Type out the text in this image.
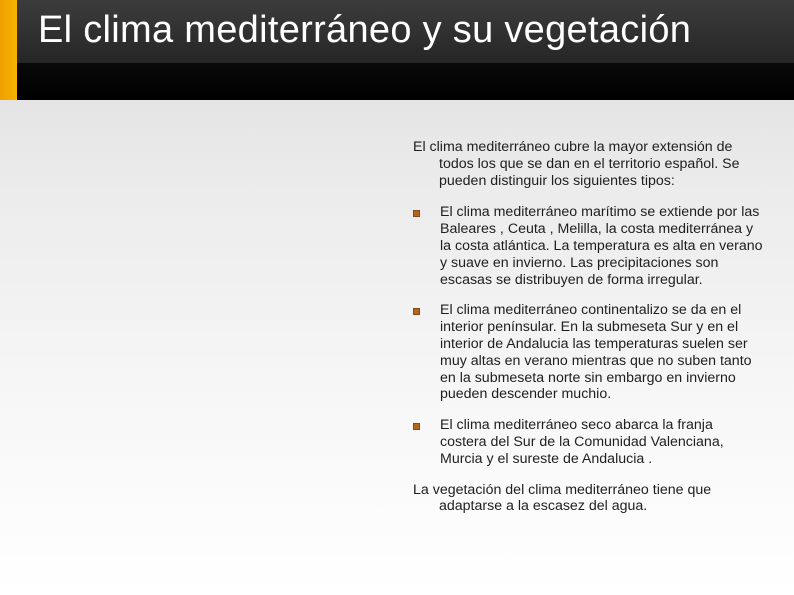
El clima mediterráneo y su vegetación

El clima mediterráneo cubre la mayor extensión de todos los que se dan en el territorio español. Se pueden distinguir los siguientes tipos:

El clima mediterráneo marítimo se extiende por las Baleares , Ceuta , Melilla, la costa mediterránea y la costa atlántica. La temperatura es alta en verano y suave en invierno. Las precipitaciones son escasas se distribuyen de forma irregular.
El clima mediterráneo continentalizo se da en el interior península​r. En la submeseta Sur y en el interior de Andalucia las temperaturas suelen ser muy altas en verano mientras que no suben tanto en la submeseta norte sin embargo en invierno pueden descender muchio.
El clima mediterráneo seco abarca la franja costera del Sur de la Comunidad Valenciana, Murcia y el sureste de Andalucia .

La vegetación del clima mediterráneo tiene que adaptarse a la escasez del agua.
